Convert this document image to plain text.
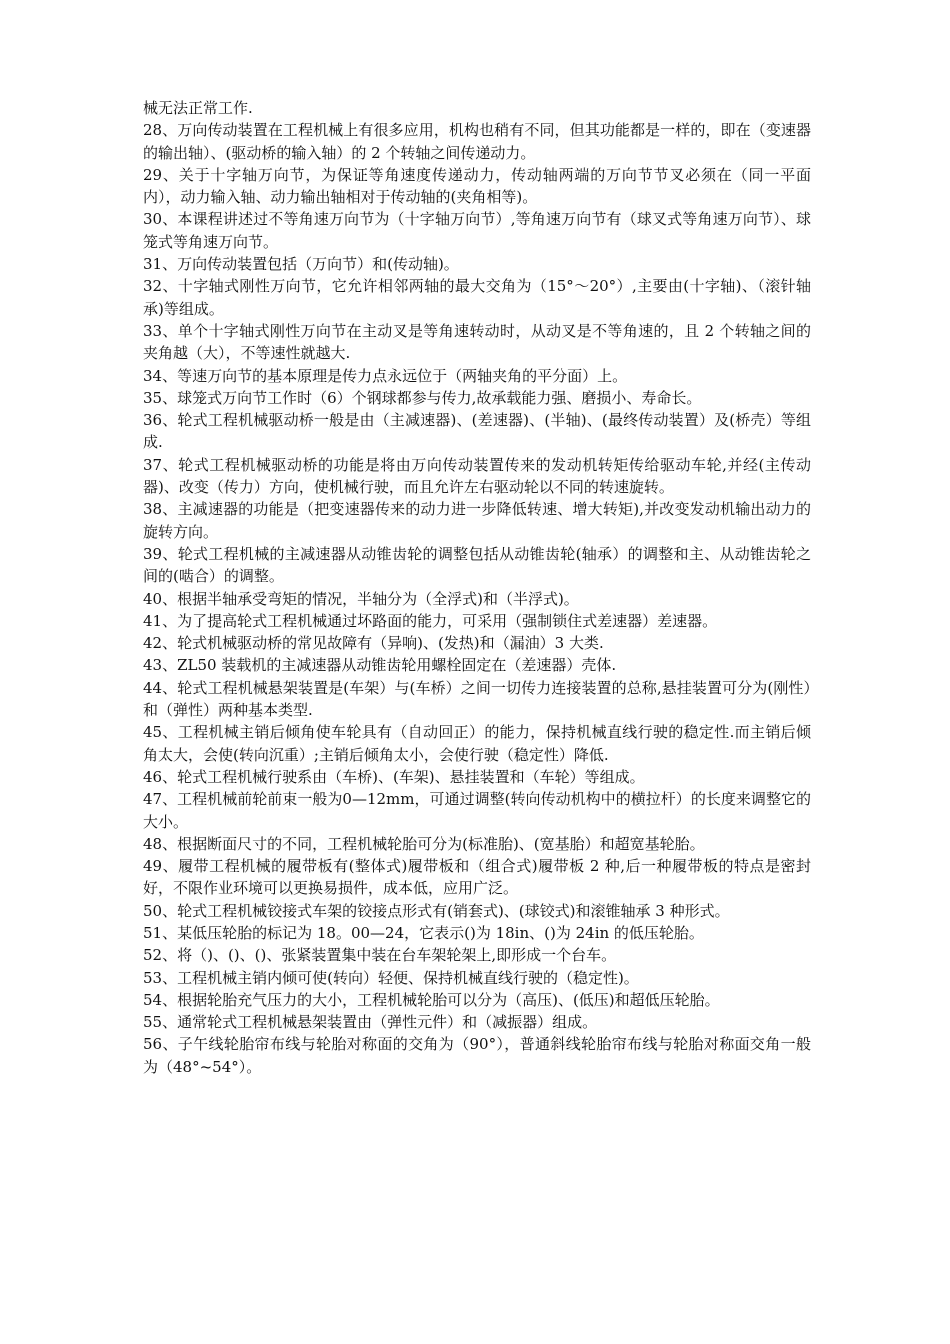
械无法正常工作.

28、万向传动装置在工程机械上有很多应用，机构也稍有不同，但其功能都是一样的，即在（变速器的输出轴）、(驱动桥的输入轴）的 2 个转轴之间传递动力。

29、关于十字轴万向节，为保证等角速度传递动力，传动轴两端的万向节节叉必须在（同一平面内），动力输入轴、动力输出轴相对于传动轴的(夹角相等)。

30、本课程讲述过不等角速万向节为（十字轴万向节）,等角速万向节有（球叉式等角速万向节）、球笼式等角速万向节。

31、万向传动装置包括（万向节）和(传动轴)。

32、十字轴式刚性万向节，它允许相邻两轴的最大交角为（15°～20°）,主要由(十字轴)、（滚针轴承)等组成。

33、单个十字轴式刚性万向节在主动叉是等角速转动时，从动叉是不等角速的，且 2 个转轴之间的夹角越（大），不等速性就越大.

34、等速万向节的基本原理是传力点永远位于（两轴夹角的平分面）上。

35、球笼式万向节工作时（6）个钢球都参与传力,故承载能力强、磨损小、寿命长。

36、轮式工程机械驱动桥一般是由（主减速器)、(差速器)、(半轴)、(最终传动装置）及(桥壳）等组成.

37、轮式工程机械驱动桥的功能是将由万向传动装置传来的发动机转矩传给驱动车轮,并经(主传动器)、改变（传力）方向，使机械行驶，而且允许左右驱动轮以不同的转速旋转。

38、主减速器的功能是（把变速器传来的动力进一步降低转速、增大转矩),并改变发动机输出动力的旋转方向。

39、轮式工程机械的主减速器从动锥齿轮的调整包括从动锥齿轮(轴承）的调整和主、从动锥齿轮之间的(啮合）的调整。

40、根据半轴承受弯矩的情况，半轴分为（全浮式)和（半浮式)。

41、为了提高轮式工程机械通过坏路面的能力，可采用（强制锁住式差速器）差速器。

42、轮式机械驱动桥的常见故障有（异响)、(发热)和（漏油）3 大类.

43、ZL50 装载机的主减速器从动锥齿轮用螺栓固定在（差速器）壳体.

44、轮式工程机械悬架装置是(车架）与(车桥）之间一切传力连接装置的总称,悬挂装置可分为(刚性）和（弹性）两种基本类型.

45、工程机械主销后倾角使车轮具有（自动回正）的能力，保持机械直线行驶的稳定性.而主销后倾角太大，会使(转向沉重）;主销后倾角太小，会使行驶（稳定性）降低.

46、轮式工程机械行驶系由（车桥)、(车架)、悬挂装置和（车轮）等组成。

47、工程机械前轮前束一般为0—12mm，可通过调整(转向传动机构中的横拉杆）的长度来调整它的大小。

48、根据断面尺寸的不同，工程机械轮胎可分为(标准胎)、(宽基胎）和超宽基轮胎。

49、履带工程机械的履带板有(整体式)履带板和（组合式)履带板 2 种,后一种履带板的特点是密封好，不限作业环境可以更换易损件，成本低，应用广泛。

50、轮式工程机械铰接式车架的铰接点形式有(销套式)、(球铰式)和滚锥轴承 3 种形式。

51、某低压轮胎的标记为 18。00—24，它表示()为 18in、()为 24in 的低压轮胎。

52、将（)、()、()、张紧装置集中装在台车架轮架上,即形成一个台车。

53、工程机械主销内倾可使(转向）轻便、保持机械直线行驶的（稳定性)。

54、根据轮胎充气压力的大小，工程机械轮胎可以分为（高压)、(低压)和超低压轮胎。

55、通常轮式工程机械悬架装置由（弹性元件）和（减振器）组成。

56、子午线轮胎帘布线与轮胎对称面的交角为（90°），普通斜线轮胎帘布线与轮胎对称面交角一般为（48°~54°）。
